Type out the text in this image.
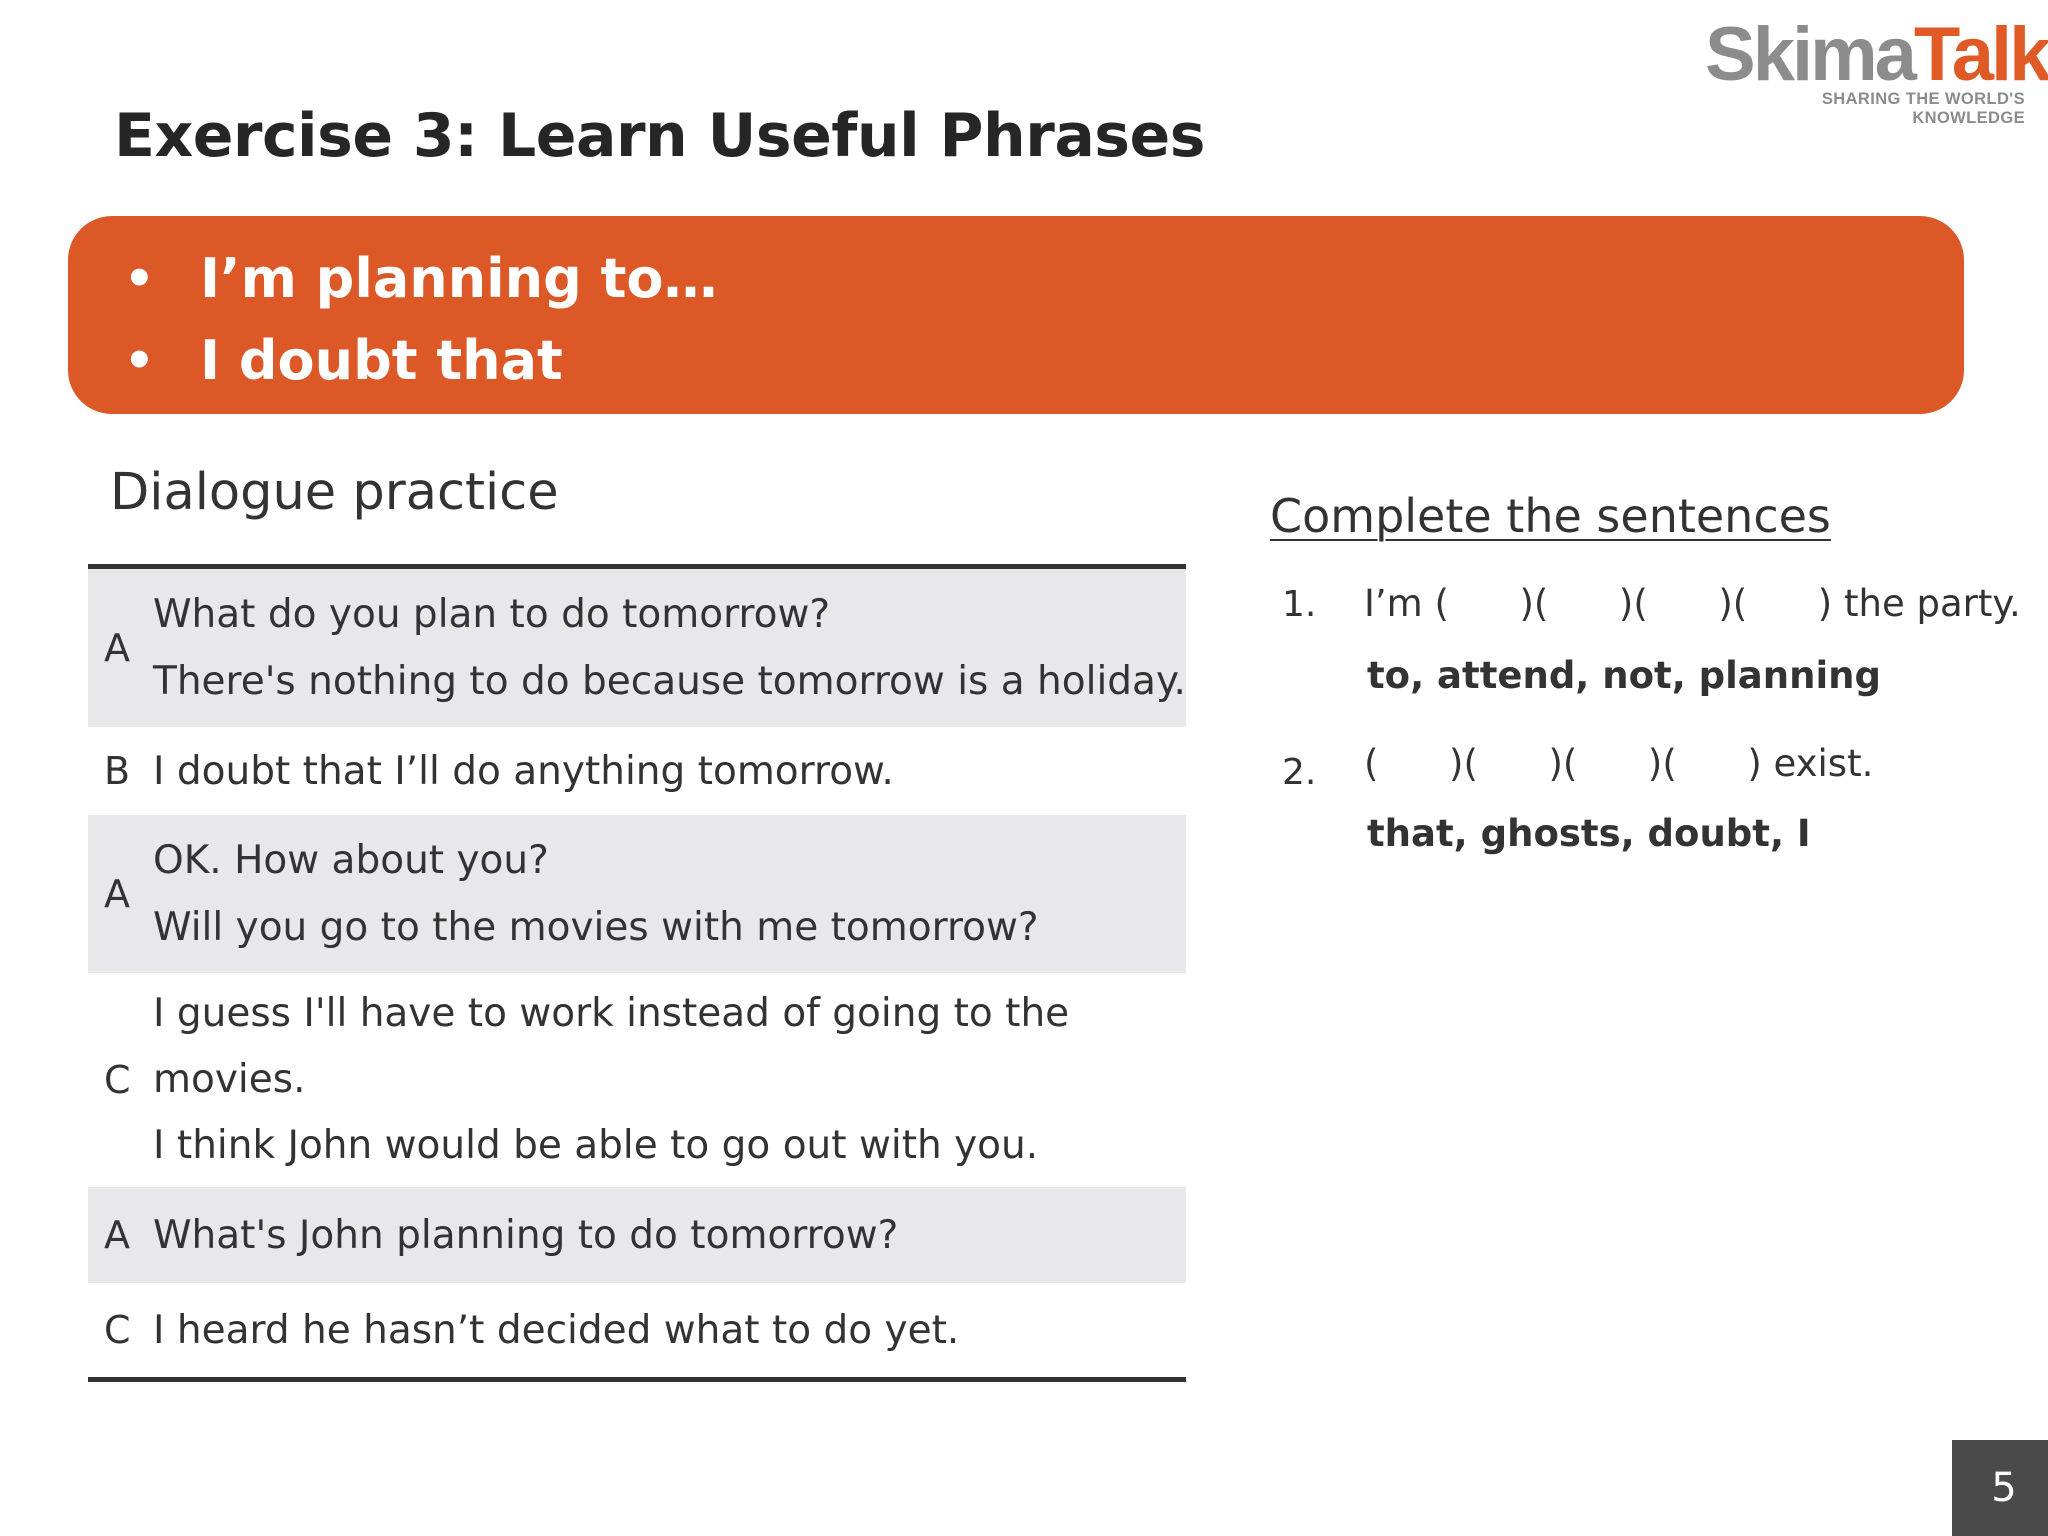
SkimaTalk
SHARING THE WORLD'S KNOWLEDGE
Exercise 3: Learn Useful Phrases
• I’m planning to…
• I doubt that
Dialogue practice
A
What do you plan to do tomorrow?
There's nothing to do because tomorrow is a holiday.
B I doubt that I’ll do anything tomorrow.
A
OK. How about you?
Will you go to the movies with me tomorrow?
C
I guess I'll have to work instead of going to the
movies.
I think John would be able to go out with you.
A What's John planning to do tomorrow?
C I heard he hasn’t decided what to do yet.
Complete the sentences
1. I’m (      )(      )(      )(      ) the party.
to, attend, not, planning
2. (      )(      )(      )(      ) exist.
that, ghosts, doubt, I
5
